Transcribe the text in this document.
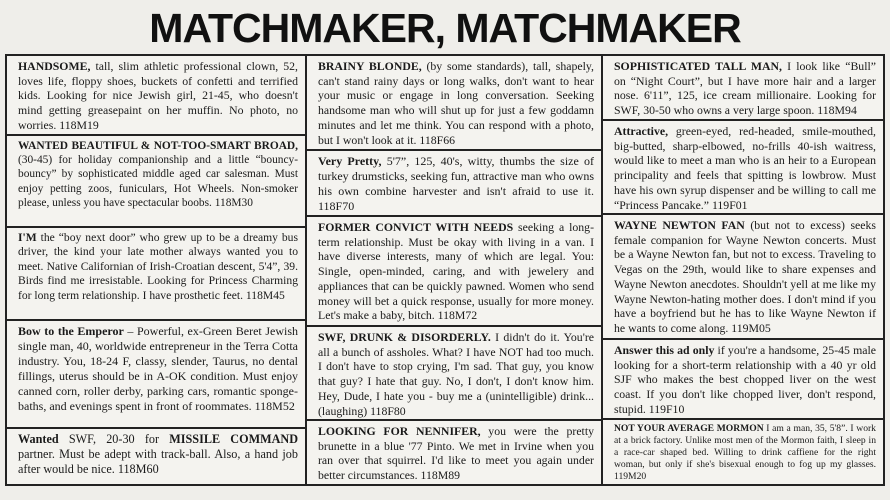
MATCHMAKER, MATCHMAKER
HANDSOME, tall, slim athletic professional clown, 52, loves life, floppy shoes, buckets of confetti and terrified kids. Looking for nice Jewish girl, 21-45, who doesn't mind getting greasepaint on her muffin. No photo, no worries. 118M19
WANTED BEAUTIFUL & NOT-TOO-SMART BROAD, (30-45) for holiday companionship and a little “bouncy-bouncy” by sophisticated middle aged car salesman. Must enjoy petting zoos, funiculars, Hot Wheels. Non-smoker please, unless you have spectacular boobs. 118M30
I'M the “boy next door” who grew up to be a dreamy bus driver, the kind your late mother always wanted you to meet. Native Californian of Irish-Croatian descent, 5'4”, 39. Birds find me irresistable. Looking for Princess Charming for long term relationship. I have prosthetic feet. 118M45
Bow to the Emperor – Powerful, ex-Green Beret Jewish single man, 40, worldwide entrepreneur in the Terra Cotta industry. You, 18-24 F, classy, slender, Taurus, no dental fillings, uterus should be in A-OK condition. Must enjoy canned corn, roller derby, parking cars, romantic sponge-baths, and evenings spent in front of roommates. 118M52
Wanted SWF, 20-30 for MISSILE COMMAND partner. Must be adept with track-ball. Also, a hand job after would be nice. 118M60
BRAINY BLONDE, (by some standards), tall, shapely, can't stand rainy days or long walks, don't want to hear your music or engage in long conversation. Seeking handsome man who will shut up for just a few goddamn minutes and let me think. You can respond with a photo, but I won't look at it. 118F66
Very Pretty, 5'7”, 125, 40's, witty, thumbs the size of turkey drumsticks, seeking fun, attractive man who owns his own combine harvester and isn't afraid to use it. 118F70
FORMER CONVICT WITH NEEDS seeking a long-term relationship. Must be okay with living in a van. I have diverse interests, many of which are legal. You: Single, open-minded, caring, and with jewelery and appliances that can be quickly pawned. Women who send money will bet a quick response, usually for more money. Let's make a baby, bitch. 118M72
SWF, DRUNK & DISORDERLY. I didn't do it. You're all a bunch of assholes. What? I have NOT had too much. I don't have to stop crying, I'm sad. That guy, you know that guy? I hate that guy. No, I don't, I don't know him. Hey, Dude, I hate you - buy me a (unintelligible) drink...(laughing) 118F80
LOOKING FOR NENNIFER, you were the pretty brunette in a blue '77 Pinto. We met in Irvine when you ran over that squirrel. I'd like to meet you again under better circumstances. 118M89
SOPHISTICATED TALL MAN, I look like “Bull” on “Night Court”, but I have more hair and a larger nose. 6'11”, 125, ice cream millionaire. Looking for SWF, 30-50 who owns a very large spoon. 118M94
Attractive, green-eyed, red-headed, smile-mouthed, big-butted, sharp-elbowed, no-frills 40-ish waitress, would like to meet a man who is an heir to a European principality and feels that spitting is lowbrow. Must have his own syrup dispenser and be willing to call me “Princess Pancake.” 119F01
WAYNE NEWTON FAN (but not to excess) seeks female companion for Wayne Newton concerts. Must be a Wayne Newton fan, but not to excess. Traveling to Vegas on the 29th, would like to share expenses and Wayne Newton anecdotes. Shouldn't yell at me like my Wayne Newton-hating mother does. I don't mind if you have a boyfriend but he has to like Wayne Newton if he wants to come along. 119M05
Answer this ad only if you're a handsome, 25-45 male looking for a short-term relationship with a 40 yr old SJF who makes the best chopped liver on the west coast. If you don't like chopped liver, don't respond, stupid. 119F10
NOT YOUR AVERAGE MORMON I am a man, 35, 5'8”. I work at a brick factory. Unlike most men of the Mormon faith, I sleep in a race-car shaped bed. Willing to drink caffiene for the right woman, but only if she's bisexual enough to fog up my glasses. 119M20
